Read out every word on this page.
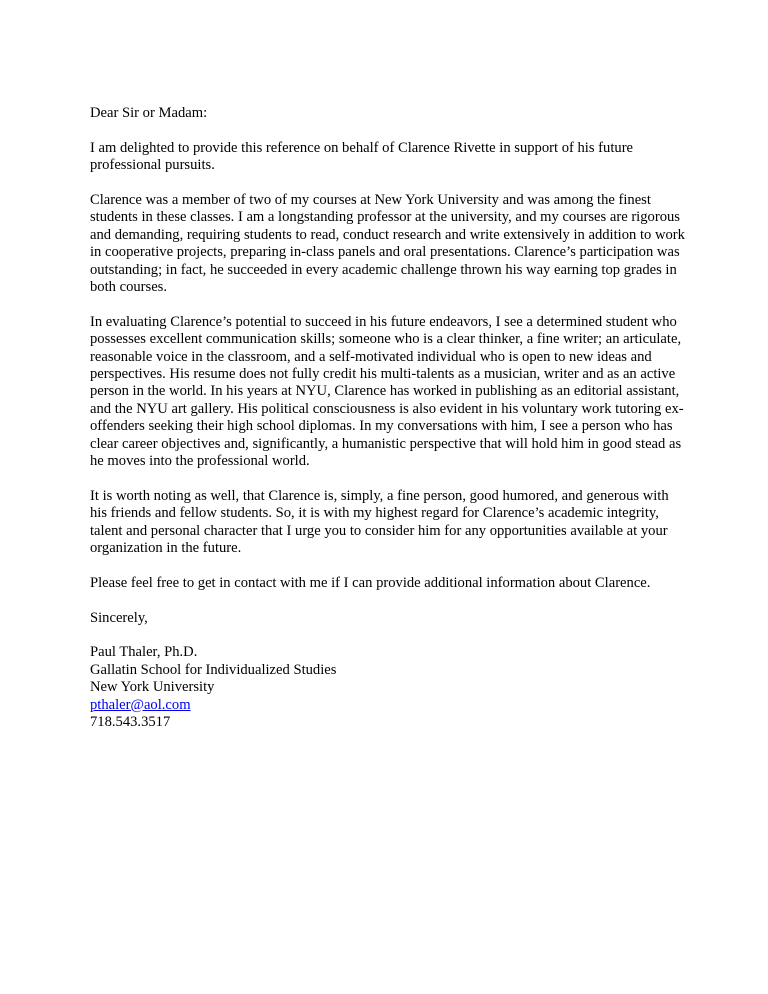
Dear Sir or Madam:

I am delighted to provide this reference on behalf of Clarence Rivette in support of his future professional pursuits.

Clarence was a member of two of my courses at New York University and was among the finest students in these classes. I am a longstanding professor at the university, and my courses are rigorous and demanding, requiring students to read, conduct research and write extensively in addition to work in cooperative projects, preparing in-class panels and oral presentations. Clarence’s participation was outstanding; in fact, he succeeded in every academic challenge thrown his way earning top grades in both courses.

In evaluating Clarence’s potential to succeed in his future endeavors, I see a determined student who possesses excellent communication skills; someone who is a clear thinker, a fine writer; an articulate, reasonable voice in the classroom, and a self-motivated individual who is open to new ideas and perspectives. His resume does not fully credit his multi-talents as a musician, writer and as an active person in the world. In his years at NYU, Clarence has worked in publishing as an editorial assistant, and the NYU art gallery. His political consciousness is also evident in his voluntary work tutoring ex-offenders seeking their high school diplomas. In my conversations with him, I see a person who has clear career objectives and, significantly, a humanistic perspective that will hold him in good stead as he moves into the professional world.

It is worth noting as well, that Clarence is, simply, a fine person, good humored, and generous with his friends and fellow students. So, it is with my highest regard for Clarence’s academic integrity, talent and personal character that I urge you to consider him for any opportunities available at your organization in the future.

Please feel free to get in contact with me if I can provide additional information about Clarence.

Sincerely,

Paul Thaler, Ph.D.
Gallatin School for Individualized Studies
New York University
pthaler@aol.com
718.543.3517
